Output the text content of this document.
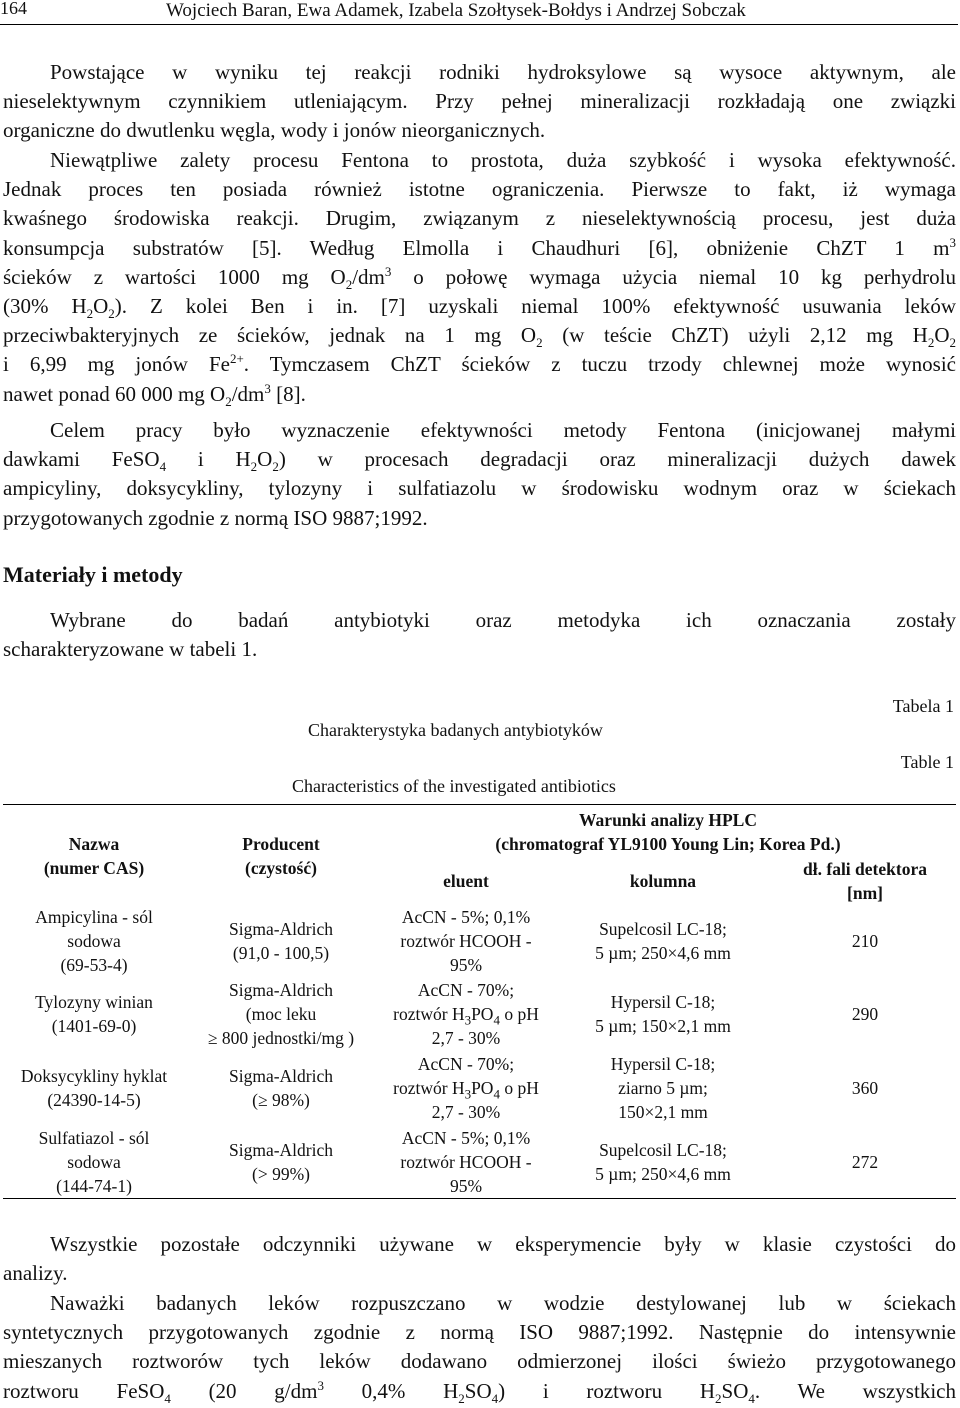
164	Wojciech Baran, Ewa Adamek, Izabela Szołtysek-Bołdys i Andrzej Sobczak
Powstające w wyniku tej reakcji rodniki hydroksylowe są wysoce aktywnym, ale
nieselektywnym czynnikiem utleniającym. Przy pełnej mineralizacji rozkładają one związki
organiczne do dwutlenku węgla, wody i jonów nieorganicznych.
Niewątpliwe zalety procesu Fentona to prostota, duża szybkość i wysoka efektywność.
Jednak proces ten posiada również istotne ograniczenia. Pierwsze to fakt, iż wymaga
kwaśnego środowiska reakcji. Drugim, związanym z nieselektywnością procesu, jest duża
konsumpcja substratów [5]. Według Elmolla i Chaudhuri [6], obniżenie ChZT 1 $m^3$
ścieków z wartości 1000 mg $O_2/dm^3$ o połowę wymaga użycia niemal 10 kg perhydrolu
(30% $H_2O_2$). Z kolei Ben i in. [7] uzyskali niemal 100% efektywność usuwania leków
przeciwbakteryjnych ze ścieków, jednak na 1 mg $O_2$ (w teście ChZT) użyli 2,12 mg $H_2O_2$
i 6,99 mg jonów $Fe^{2+}$. Tymczasem ChZT ścieków z tuczu trzody chlewnej może wynosić
nawet ponad 60 000 mg $O_2/dm^3$ [8].
Celem pracy było wyznaczenie efektywności metody Fentona (inicjowanej małymi
dawkami FeSO$_4$ i $H_2O_2$) w procesach degradacji oraz mineralizacji dużych dawek
ampicyliny, doksycykliny, tylozyny i sulfatiazolu w środowisku wodnym oraz w ściekach
przygotowanych zgodnie z normą ISO 9887;1992.
Materiały i metody
Wybrane do badań antybiotyki oraz metodyka ich oznaczania zostały
scharakteryzowane w tabeli 1.
Tabela 1
Charakterystyka badanych antybiotyków
Table 1
Characteristics of the investigated antibiotics
Nazwa
(numer CAS)
Producent
(czystość)
Warunki analizy HPLC
(chromatograf YL9100 Young Lin; Korea Pd.)
eluent	kolumna
dł. fali detektora
[nm]
Ampicylina - sól
sodowa
(69-53-4)
Sigma-Aldrich
(91,0 - 100,5)
AcCN - 5%; 0,1%
roztwór HCOOH -
95%
Supelcosil LC-18;
5 µm; 250×4,6 mm
210
Tylozyny winian
(1401-69-0)
Sigma-Aldrich
(moc leku
≥ 800 jednostki/mg )
AcCN - 70%;
roztwór $H_3PO_4$ o pH
2,7 - 30%
Hypersil C-18;
5 µm; 150×2,1 mm
290
Doksycykliny hyklat
(24390-14-5)
Sigma-Aldrich
(≥ 98%)
AcCN - 70%;
roztwór $H_3PO_4$ o pH
2,7 - 30%
Hypersil C-18;
ziarno 5 µm;
150×2,1 mm
360
Sulfatiazol - sól
sodowa
(144-74-1)
Sigma-Aldrich
(> 99%)
AcCN - 5%; 0,1%
roztwór HCOOH -
95%
Supelcosil LC-18;
5 µm; 250×4,6 mm
272
Wszystkie pozostałe odczynniki używane w eksperymencie były w klasie czystości do
analizy.
Naważki badanych leków rozpuszczano w wodzie destylowanej lub w ściekach
syntetycznych przygotowanych zgodnie z normą ISO 9887;1992. Następnie do intensywnie
mieszanych roztworów tych leków dodawano odmierzonej ilości świeżo przygotowanego
roztworu FeSO$_4$ (20 $g/dm^3$ 0,4% $H_2SO_4$) i roztworu $H_2SO_4$. We wszystkich
